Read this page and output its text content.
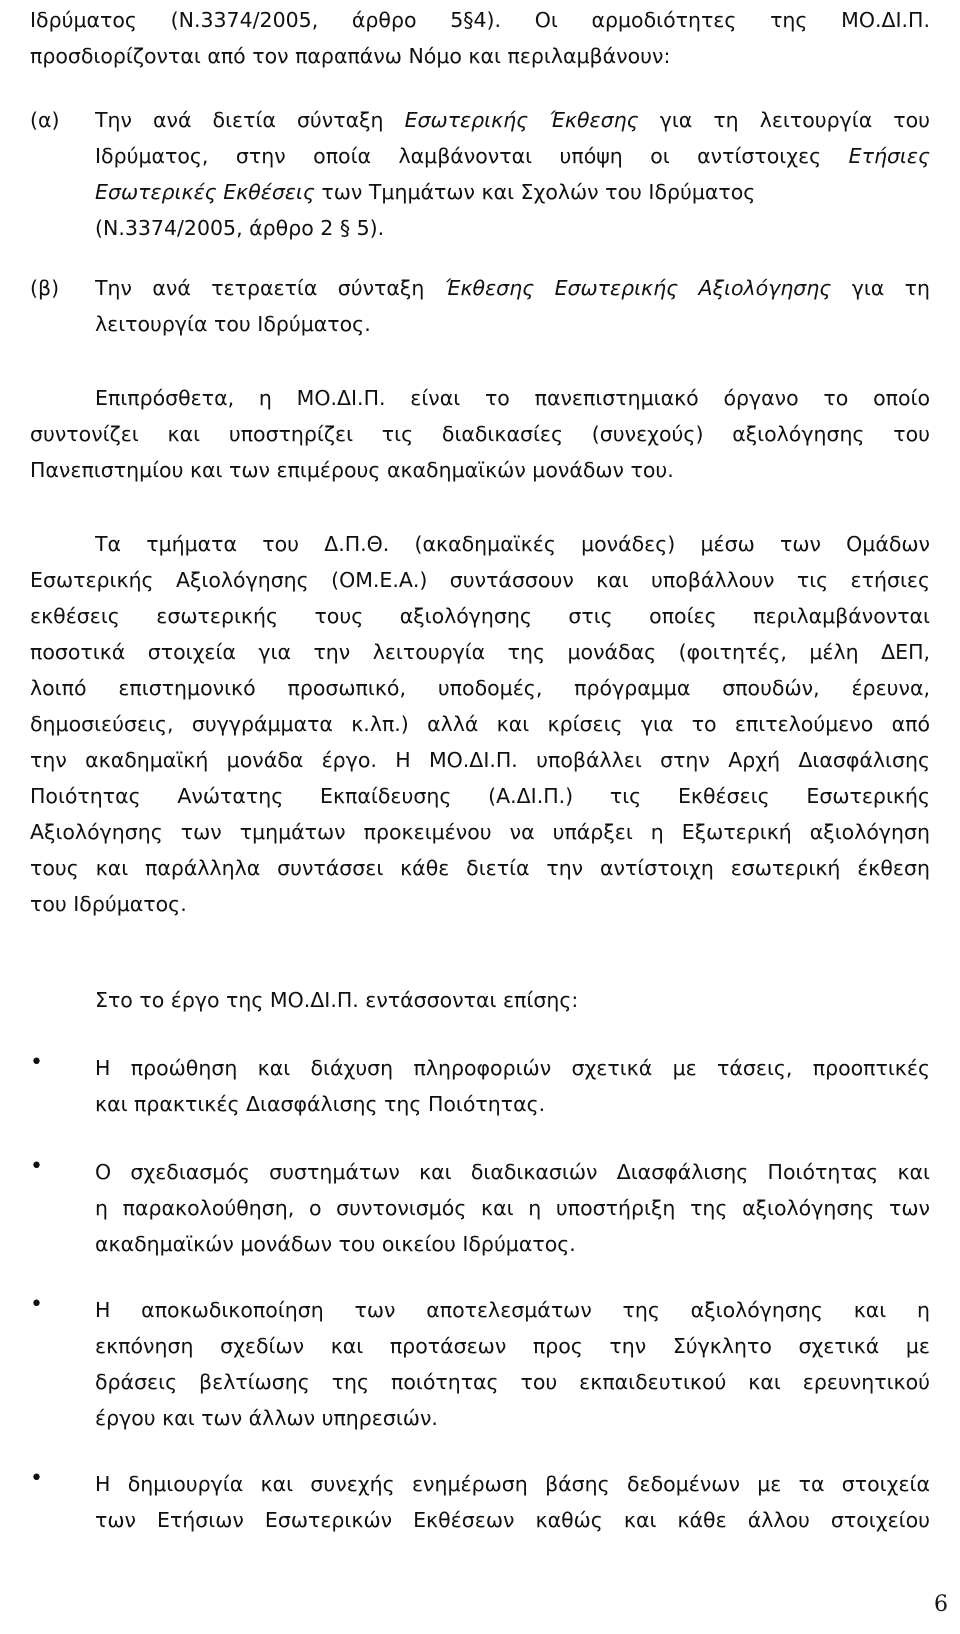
Ιδρύματος (Ν.3374/2005, άρθρο 5§4). Οι αρμοδιότητες της ΜΟ.ΔΙ.Π.
προσδιορίζονται από τον παραπάνω Νόμο και περιλαμβάνουν:
(α) Την ανά διετία σύνταξη Εσωτερικής Έκθεσης για τη λειτουργία του
Ιδρύματος, στην οποία λαμβάνονται υπόψη οι αντίστοιχες Ετήσιες
Εσωτερικές Εκθέσεις των Τμημάτων και Σχολών του Ιδρύματος
(Ν.3374/2005, άρθρο 2 § 5).
(β) Την ανά τετραετία σύνταξη Έκθεσης Εσωτερικής Αξιολόγησης για τη
λειτουργία του Ιδρύματος.
Επιπρόσθετα, η ΜΟ.ΔΙ.Π. είναι το πανεπιστημιακό όργανο το οποίο
συντονίζει και υποστηρίζει τις διαδικασίες (συνεχούς) αξιολόγησης του
Πανεπιστημίου και των επιμέρους ακαδημαϊκών μονάδων του.
Τα τμήματα του Δ.Π.Θ. (ακαδημαϊκές μονάδες) μέσω των Ομάδων
Εσωτερικής Αξιολόγησης (ΟΜ.Ε.Α.) συντάσσουν και υποβάλλουν τις ετήσιες
εκθέσεις εσωτερικής τους αξιολόγησης στις οποίες περιλαμβάνονται
ποσοτικά στοιχεία για την λειτουργία της μονάδας (φοιτητές, μέλη ΔΕΠ,
λοιπό επιστημονικό προσωπικό, υποδομές, πρόγραμμα σπουδών, έρευνα,
δημοσιεύσεις, συγγράμματα κ.λπ.) αλλά και κρίσεις για το επιτελούμενο από
την ακαδημαϊκή μονάδα έργο. Η ΜΟ.ΔΙ.Π. υποβάλλει στην Αρχή Διασφάλισης
Ποιότητας Ανώτατης Εκπαίδευσης (Α.ΔΙ.Π.) τις Εκθέσεις Εσωτερικής
Αξιολόγησης των τμημάτων προκειμένου να υπάρξει η Εξωτερική αξιολόγηση
τους και παράλληλα συντάσσει κάθε διετία την αντίστοιχη εσωτερική έκθεση
του Ιδρύματος.
Στο το έργο της ΜΟ.ΔΙ.Π. εντάσσονται επίσης:
•	Η προώθηση και διάχυση πληροφοριών σχετικά με τάσεις, προοπτικές
και πρακτικές Διασφάλισης της Ποιότητας.
•	Ο σχεδιασμός συστημάτων και διαδικασιών Διασφάλισης Ποιότητας και
η παρακολούθηση, ο συντονισμός και η υποστήριξη της αξιολόγησης των
ακαδημαϊκών μονάδων του οικείου Ιδρύματος.
•	Η αποκωδικοποίηση των αποτελεσμάτων της αξιολόγησης και η
εκπόνηση σχεδίων και προτάσεων προς την Σύγκλητο σχετικά με
δράσεις βελτίωσης της ποιότητας του εκπαιδευτικού και ερευνητικού
έργου και των άλλων υπηρεσιών.
•	Η δημιουργία και συνεχής ενημέρωση βάσης δεδομένων με τα στοιχεία
των Ετήσιων Εσωτερικών Εκθέσεων καθώς και κάθε άλλου στοιχείου
6
